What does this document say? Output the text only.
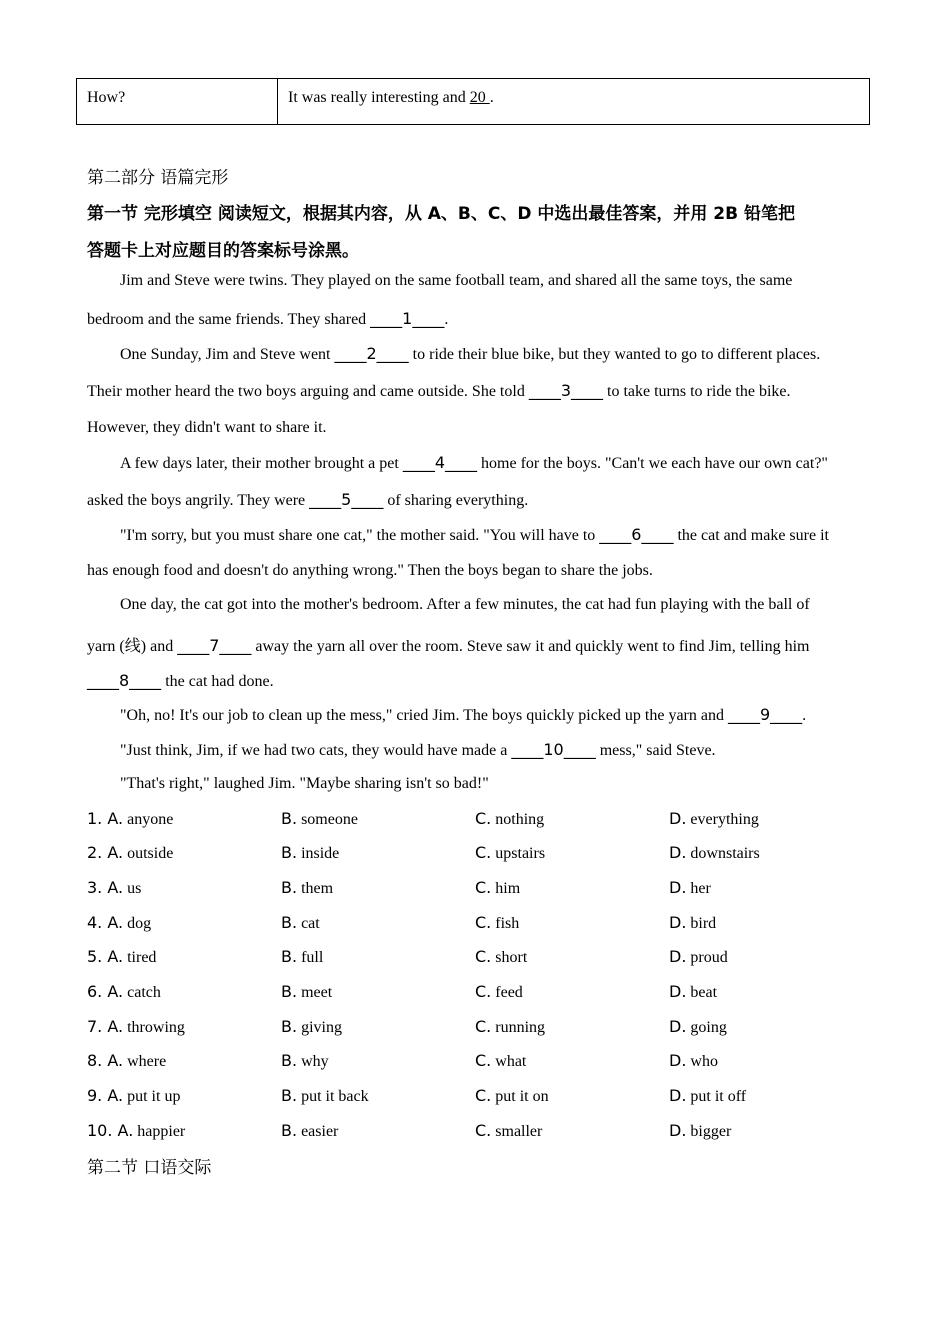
How?	It was really interesting and 20 .
第二部分 语篇完形
第一节 完形填空 阅读短文，根据其内容，从 A、B、C、D 中选出最佳答案，并用 2B 铅笔把
答题卡上对应题目的答案标号涂黑。
Jim and Steve were twins. They played on the same football team, and shared all the same toys, the same
bedroom and the same friends. They shared ____1____.
One Sunday, Jim and Steve went ____2____ to ride their blue bike, but they wanted to go to different places.
Their mother heard the two boys arguing and came outside. She told ____3____ to take turns to ride the bike.
However, they didn't want to share it.
A few days later, their mother brought a pet ____4____ home for the boys. "Can't we each have our own cat?"
asked the boys angrily. They were ____5____ of sharing everything.
"I'm sorry, but you must share one cat," the mother said. "You will have to ____6____ the cat and make sure it
has enough food and doesn't do anything wrong." Then the boys began to share the jobs.
One day, the cat got into the mother's bedroom. After a few minutes, the cat had fun playing with the ball of
yarn (线) and ____7____ away the yarn all over the room. Steve saw it and quickly went to find Jim, telling him
____8____ the cat had done.
"Oh, no! It's our job to clean up the mess," cried Jim. The boys quickly picked up the yarn and ____9____.
"Just think, Jim, if we had two cats, they would have made a ____10____ mess," said Steve.
"That's right," laughed Jim. "Maybe sharing isn't so bad!"
1. A. anyone	B. someone	C. nothing	D. everything
2. A. outside	B. inside	C. upstairs	D. downstairs
3. A. us	B. them	C. him	D. her
4. A. dog	B. cat	C. fish	D. bird
5. A. tired	B. full	C. short	D. proud
6. A. catch	B. meet	C. feed	D. beat
7. A. throwing	B. giving	C. running	D. going
8. A. where	B. why	C. what	D. who
9. A. put it up	B. put it back	C. put it on	D. put it off
10. A. happier	B. easier	C. smaller	D. bigger
第二节 口语交际
